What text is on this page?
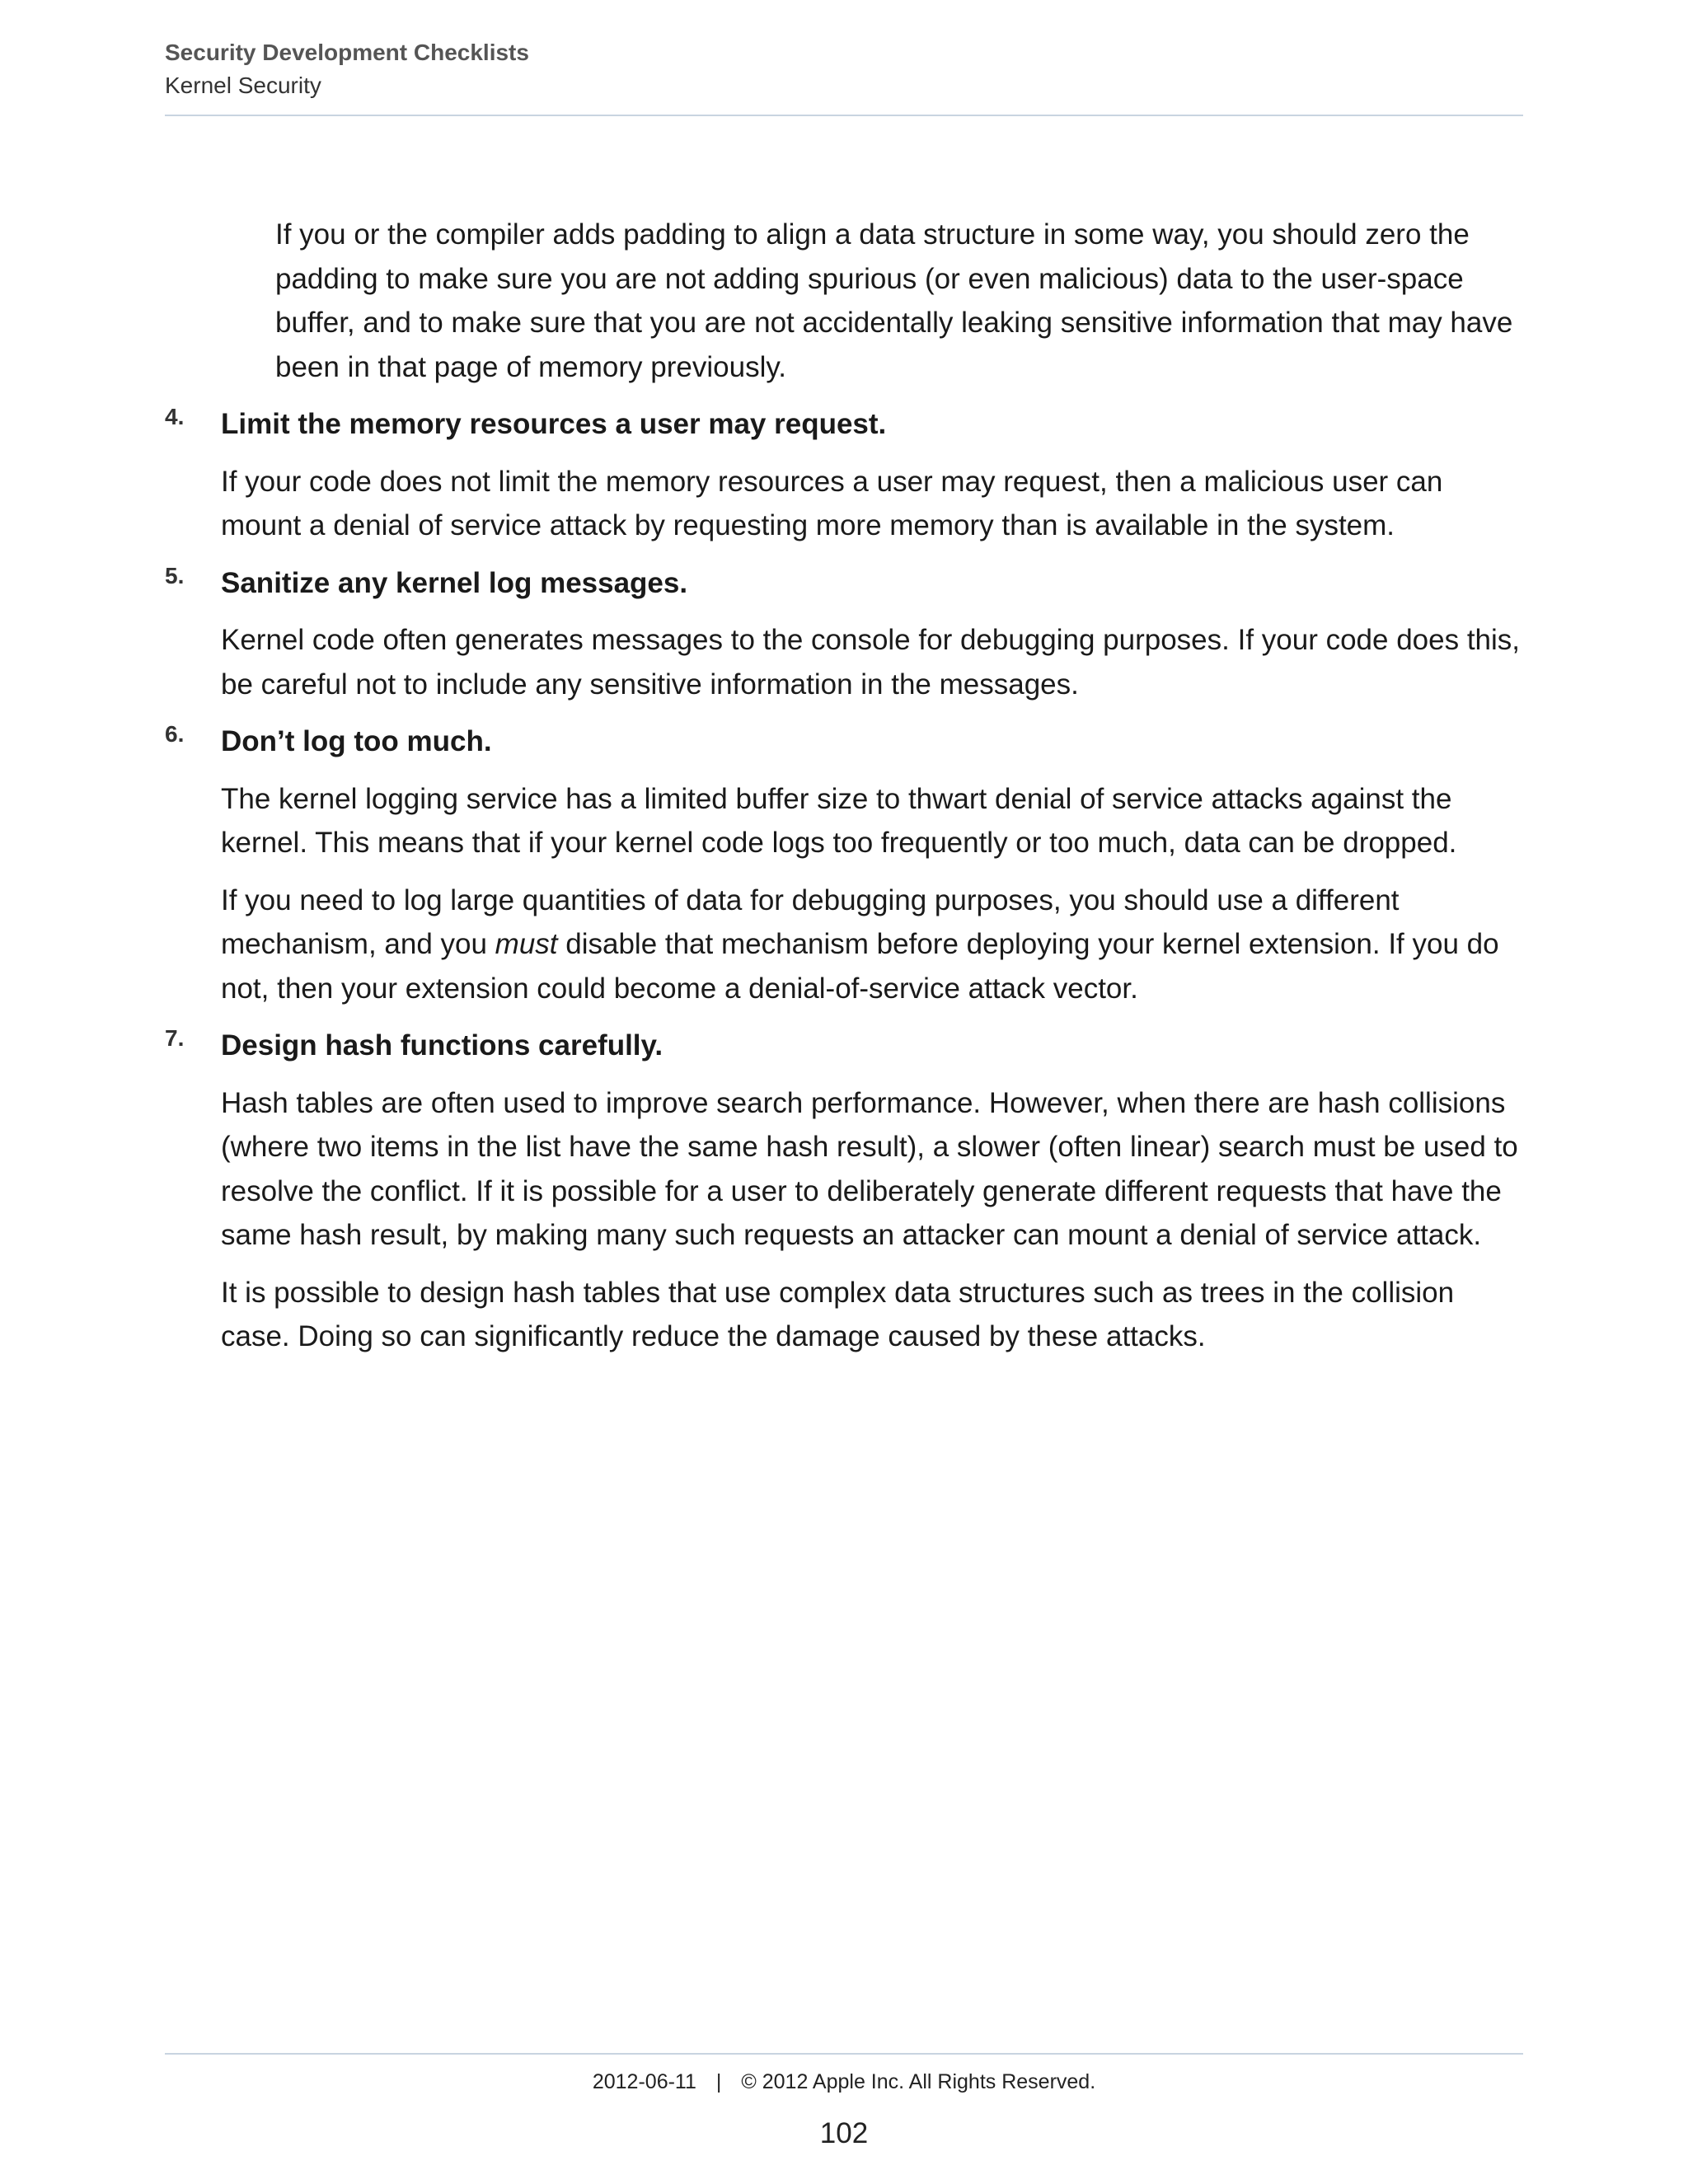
Security Development Checklists
Kernel Security

If you or the compiler adds padding to align a data structure in some way, you should zero the padding to make sure you are not adding spurious (or even malicious) data to the user-space buffer, and to make sure that you are not accidentally leaking sensitive information that may have been in that page of memory previously.

4. Limit the memory resources a user may request.

If your code does not limit the memory resources a user may request, then a malicious user can mount a denial of service attack by requesting more memory than is available in the system.

5. Sanitize any kernel log messages.

Kernel code often generates messages to the console for debugging purposes. If your code does this, be careful not to include any sensitive information in the messages.

6. Don’t log too much.

The kernel logging service has a limited buffer size to thwart denial of service attacks against the kernel. This means that if your kernel code logs too frequently or too much, data can be dropped.

If you need to log large quantities of data for debugging purposes, you should use a different mechanism, and you must disable that mechanism before deploying your kernel extension. If you do not, then your extension could become a denial-of-service attack vector.

7. Design hash functions carefully.

Hash tables are often used to improve search performance. However, when there are hash collisions (where two items in the list have the same hash result), a slower (often linear) search must be used to resolve the conflict. If it is possible for a user to deliberately generate different requests that have the same hash result, by making many such requests an attacker can mount a denial of service attack.

It is possible to design hash tables that use complex data structures such as trees in the collision case. Doing so can significantly reduce the damage caused by these attacks.

2012-06-11 | © 2012 Apple Inc. All Rights Reserved.
102
